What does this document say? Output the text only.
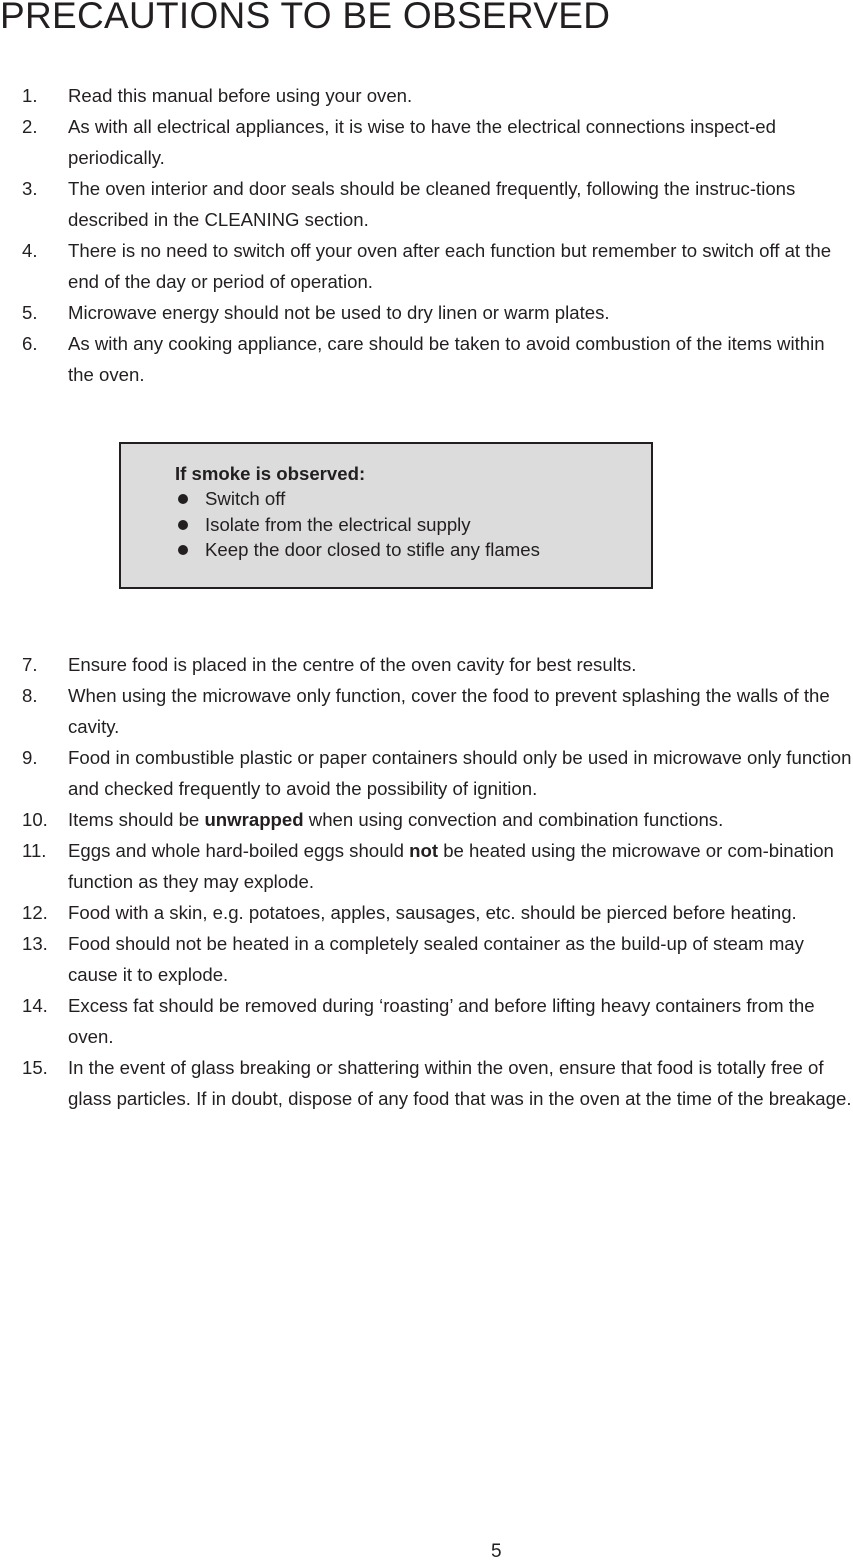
PRECAUTIONS TO BE OBSERVED
1. Read this manual before using your oven.
2. As with all electrical appliances, it is wise to have the electrical connections inspect-ed periodically.
3. The oven interior and door seals should be cleaned frequently, following the instruc-tions described in the CLEANING section.
4. There is no need to switch off your oven after each function but remember to switch off at the end of the day or period of operation.
5. Microwave energy should not be used to dry linen or warm plates.
6. As with any cooking appliance, care should be taken to avoid combustion of the items within the oven.

If smoke is observed:

Switch off
Isolate from the electrical supply
Keep the door closed to stifle any flames
7. Ensure food is placed in the centre of the oven cavity for best results.
8. When using the microwave only function, cover the food to prevent splashing the walls of the cavity.
9. Food in combustible plastic or paper containers should only be used in microwave only function and checked frequently to avoid the possibility of ignition.
10. Items should be unwrapped when using convection and combination functions.
11. Eggs and whole hard-boiled eggs should not be heated using the microwave or com-bination function as they may explode.
12. Food with a skin, e.g. potatoes, apples, sausages, etc. should be pierced before heating.
13. Food should not be heated in a completely sealed container as the build-up of steam may cause it to explode.
14. Excess fat should be removed during ‘roasting’ and before lifting heavy containers from the oven.
15. In the event of glass breaking or shattering within the oven, ensure that food is totally free of glass particles. If in doubt, dispose of any food that was in the oven at the time of the breakage.
5
